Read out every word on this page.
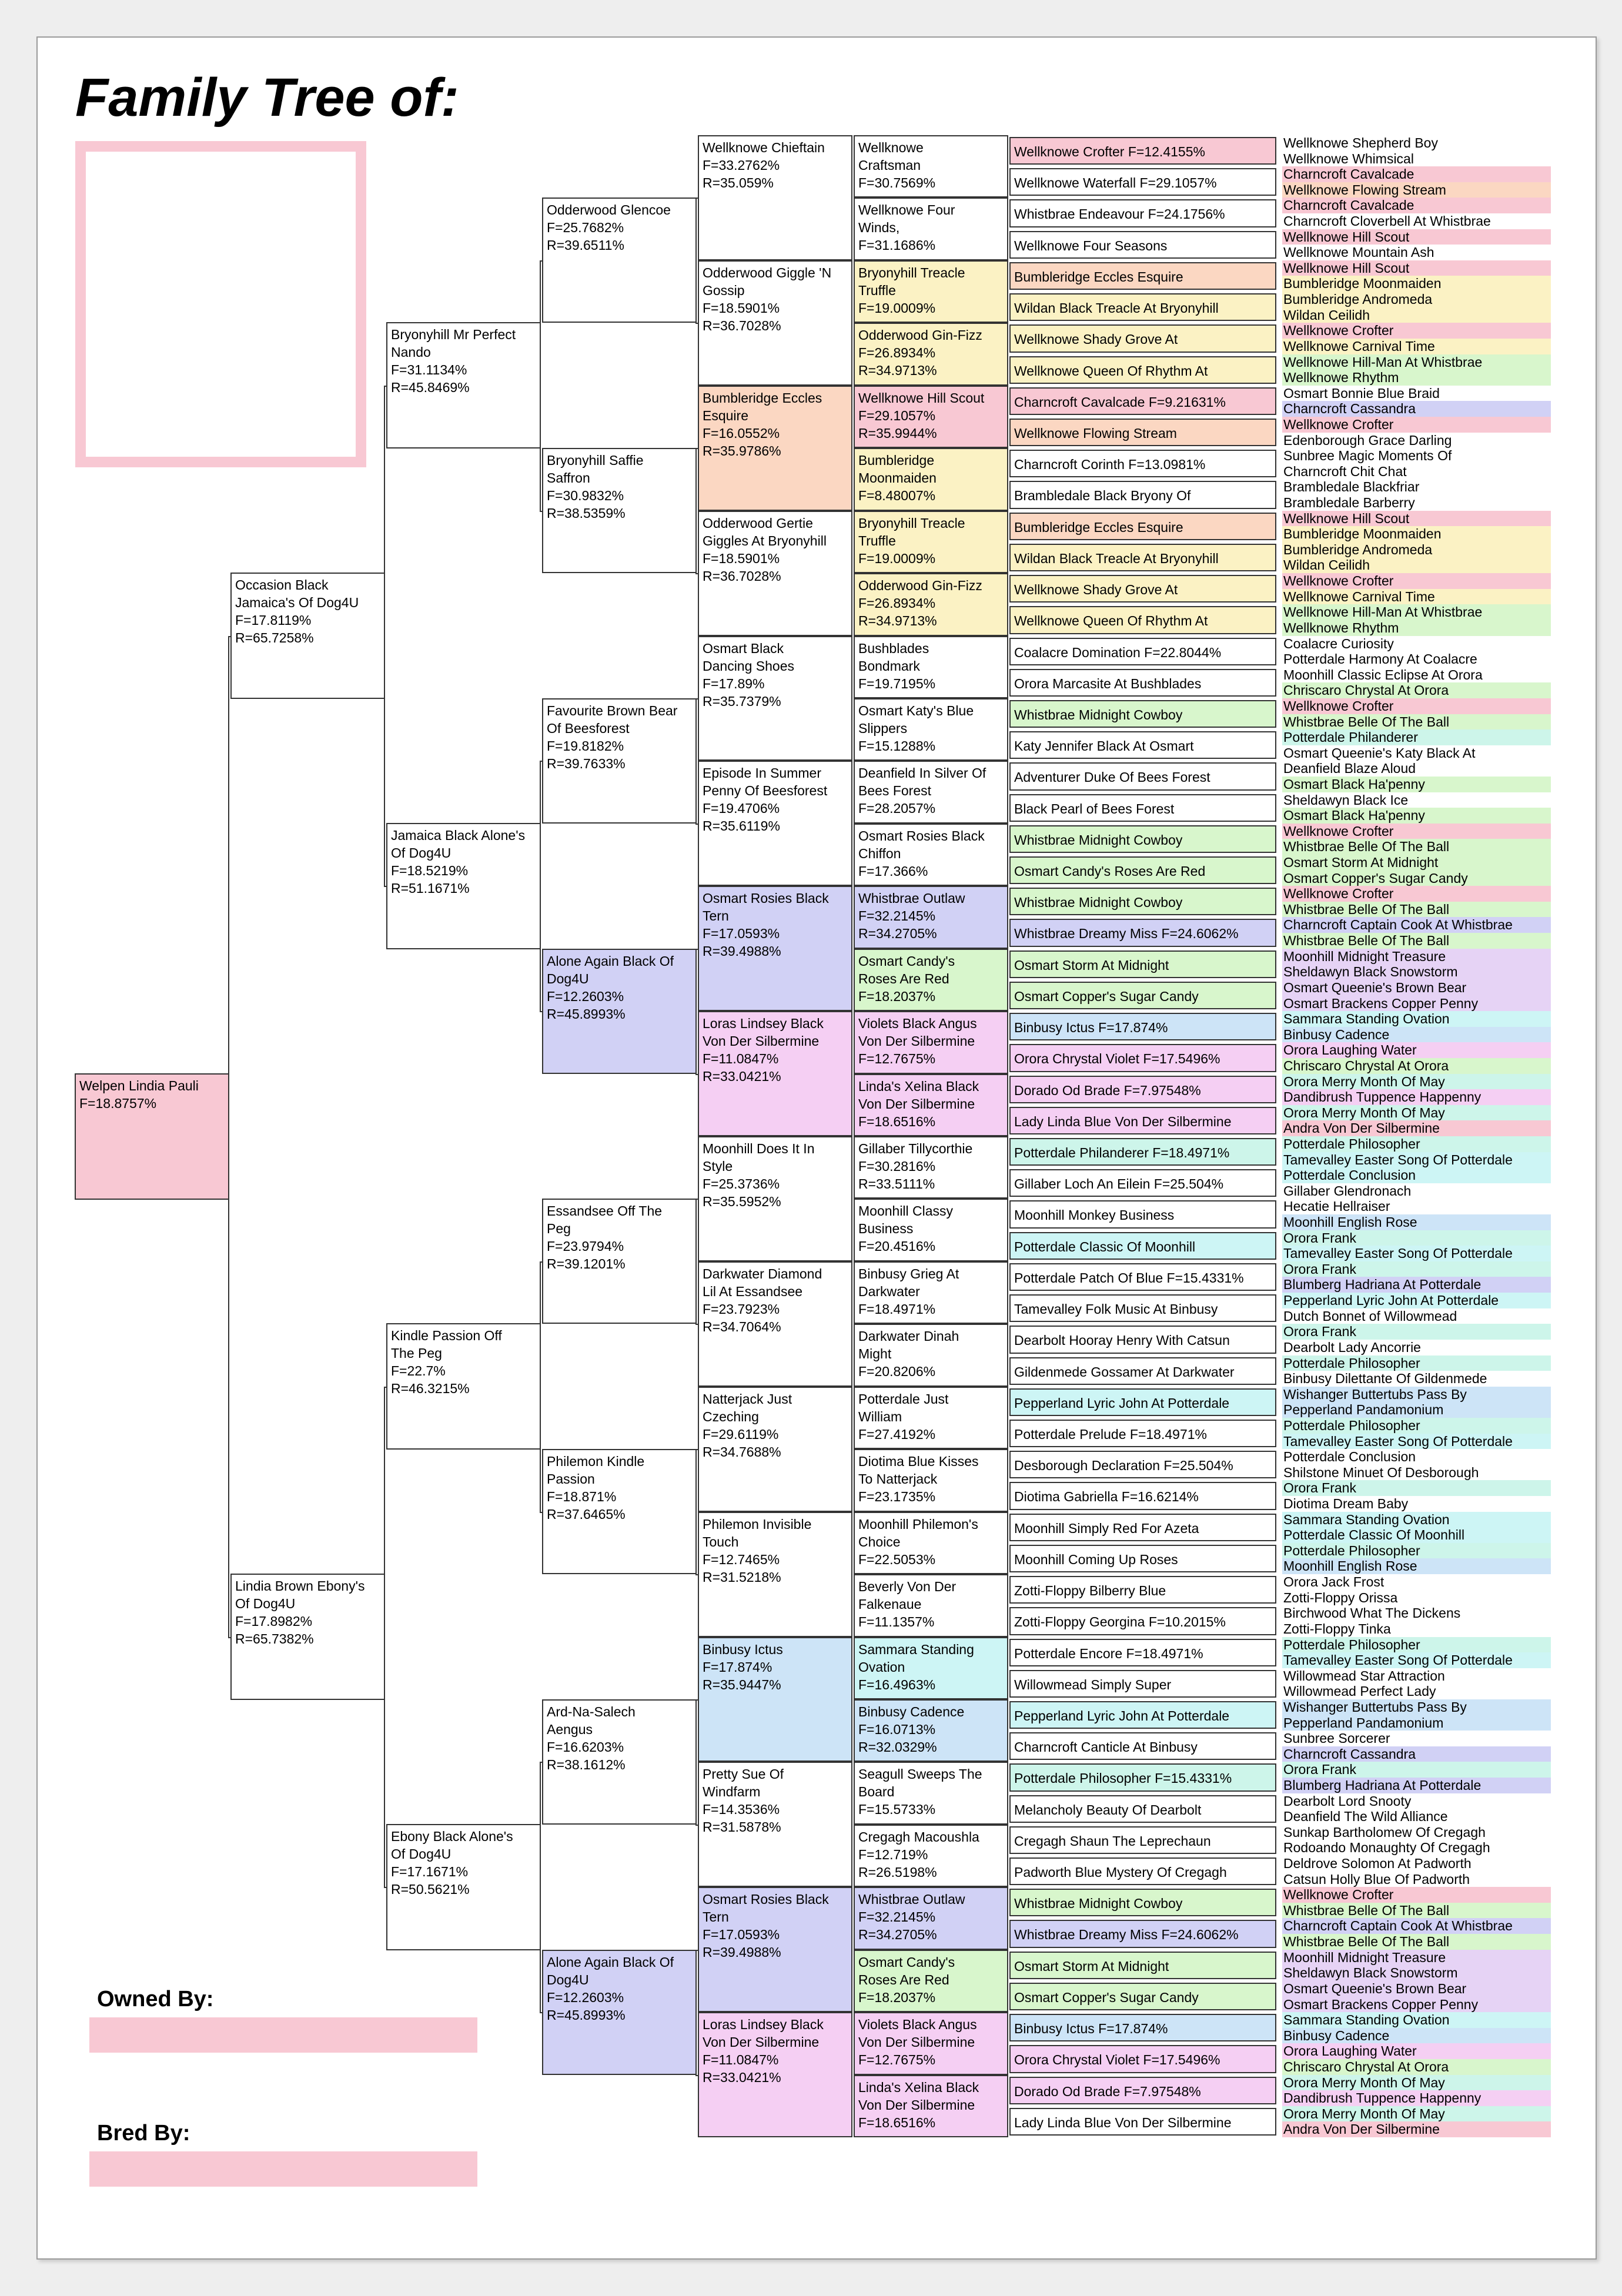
Family Tree of:
Owned By:
Bred By:
Welpen Lindia Pauli
F=18.8757%
Occasion Black
Jamaica's Of Dog4U
F=17.8119%
R=65.7258%
Lindia Brown Ebony's
Of Dog4U
F=17.8982%
R=65.7382%
Bryonyhill Mr Perfect
Nando
F=31.1134%
R=45.8469%
Jamaica Black Alone's
Of Dog4U
F=18.5219%
R=51.1671%
Kindle Passion Off
The Peg
F=22.7%
R=46.3215%
Ebony Black Alone's
Of Dog4U
F=17.1671%
R=50.5621%
Odderwood Glencoe
F=25.7682%
R=39.6511%
Bryonyhill Saffie
Saffron
F=30.9832%
R=38.5359%
Favourite Brown Bear
Of Beesforest
F=19.8182%
R=39.7633%
Alone Again Black Of
Dog4U
F=12.2603%
R=45.8993%
Essandsee Off The
Peg
F=23.9794%
R=39.1201%
Philemon Kindle
Passion
F=18.871%
R=37.6465%
Ard-Na-Salech
Aengus
F=16.6203%
R=38.1612%
Alone Again Black Of
Dog4U
F=12.2603%
R=45.8993%
Wellknowe Chieftain
F=33.2762%
R=35.059%
Odderwood Giggle 'N
Gossip
F=18.5901%
R=36.7028%
Bumbleridge Eccles
Esquire
F=16.0552%
R=35.9786%
Odderwood Gertie
Giggles At Bryonyhill
F=18.5901%
R=36.7028%
Osmart Black
Dancing Shoes
F=17.89%
R=35.7379%
Episode In Summer
Penny Of Beesforest
F=19.4706%
R=35.6119%
Osmart Rosies Black
Tern
F=17.0593%
R=39.4988%
Loras Lindsey Black
Von Der Silbermine
F=11.0847%
R=33.0421%
Moonhill Does It In
Style
F=25.3736%
R=35.5952%
Darkwater Diamond
Lil At Essandsee
F=23.7923%
R=34.7064%
Natterjack Just
Czeching
F=29.6119%
R=34.7688%
Philemon Invisible
Touch
F=12.7465%
R=31.5218%
Binbusy Ictus
F=17.874%
R=35.9447%
Pretty Sue Of
Windfarm
F=14.3536%
R=31.5878%
Osmart Rosies Black
Tern
F=17.0593%
R=39.4988%
Loras Lindsey Black
Von Der Silbermine
F=11.0847%
R=33.0421%
Wellknowe
Craftsman
F=30.7569%
Wellknowe Four
Winds,
F=31.1686%
Bryonyhill Treacle
Truffle
F=19.0009%
Odderwood Gin-Fizz
F=26.8934%
R=34.9713%
Wellknowe Hill Scout
F=29.1057%
R=35.9944%
Bumbleridge
Moonmaiden
F=8.48007%
Bryonyhill Treacle
Truffle
F=19.0009%
Odderwood Gin-Fizz
F=26.8934%
R=34.9713%
Bushblades
Bondmark
F=19.7195%
Osmart Katy's Blue
Slippers
F=15.1288%
Deanfield In Silver Of
Bees Forest
F=28.2057%
Osmart Rosies Black
Chiffon
F=17.366%
Whistbrae Outlaw
F=32.2145%
R=34.2705%
Osmart Candy's
Roses Are Red
F=18.2037%
Violets Black Angus
Von Der Silbermine
F=12.7675%
Linda's Xelina Black
Von Der Silbermine
F=18.6516%
Gillaber Tillycorthie
F=30.2816%
R=33.5111%
Moonhill Classy
Business
F=20.4516%
Binbusy Grieg At
Darkwater
F=18.4971%
Darkwater Dinah
Might
F=20.8206%
Potterdale Just
William
F=27.4192%
Diotima Blue Kisses
To Natterjack
F=23.1735%
Moonhill Philemon's
Choice
F=22.5053%
Beverly Von Der
Falkenaue
F=11.1357%
Sammara Standing
Ovation
F=16.4963%
Binbusy Cadence
F=16.0713%
R=32.0329%
Seagull Sweeps The
Board
F=15.5733%
Cregagh Macoushla
F=12.719%
R=26.5198%
Whistbrae Outlaw
F=32.2145%
R=34.2705%
Osmart Candy's
Roses Are Red
F=18.2037%
Violets Black Angus
Von Der Silbermine
F=12.7675%
Linda's Xelina Black
Von Der Silbermine
F=18.6516%
Wellknowe Crofter F=12.4155%
Wellknowe Waterfall F=29.1057%
Whistbrae Endeavour F=24.1756%
Wellknowe Four Seasons
Bumbleridge Eccles Esquire
Wildan Black Treacle At Bryonyhill
Wellknowe Shady Grove At
Wellknowe Queen Of Rhythm At
Charncroft Cavalcade F=9.21631%
Wellknowe Flowing Stream
Charncroft Corinth F=13.0981%
Brambledale Black Bryony Of
Bumbleridge Eccles Esquire
Wildan Black Treacle At Bryonyhill
Wellknowe Shady Grove At
Wellknowe Queen Of Rhythm At
Coalacre Domination F=22.8044%
Orora Marcasite At Bushblades
Whistbrae Midnight Cowboy
Katy Jennifer Black At Osmart
Adventurer Duke Of Bees Forest
Black Pearl of Bees Forest
Whistbrae Midnight Cowboy
Osmart Candy's Roses Are Red
Whistbrae Midnight Cowboy
Whistbrae Dreamy Miss F=24.6062%
Osmart Storm At Midnight
Osmart Copper's Sugar Candy
Binbusy Ictus F=17.874%
Orora Chrystal Violet F=17.5496%
Dorado Od Brade F=7.97548%
Lady Linda Blue Von Der Silbermine
Potterdale Philanderer F=18.4971%
Gillaber Loch An Eilein F=25.504%
Moonhill Monkey Business
Potterdale Classic Of Moonhill
Potterdale Patch Of Blue F=15.4331%
Tamevalley Folk Music At Binbusy
Dearbolt Hooray Henry With Catsun
Gildenmede Gossamer At Darkwater
Pepperland Lyric John At Potterdale
Potterdale Prelude F=18.4971%
Desborough Declaration F=25.504%
Diotima Gabriella F=16.6214%
Moonhill Simply Red For Azeta
Moonhill Coming Up Roses
Zotti-Floppy Bilberry Blue
Zotti-Floppy Georgina F=10.2015%
Potterdale Encore F=18.4971%
Willowmead Simply Super
Pepperland Lyric John At Potterdale
Charncroft Canticle At Binbusy
Potterdale Philosopher F=15.4331%
Melancholy Beauty Of Dearbolt
Cregagh Shaun The Leprechaun
Padworth Blue Mystery Of Cregagh
Whistbrae Midnight Cowboy
Whistbrae Dreamy Miss F=24.6062%
Osmart Storm At Midnight
Osmart Copper's Sugar Candy
Binbusy Ictus F=17.874%
Orora Chrystal Violet F=17.5496%
Dorado Od Brade F=7.97548%
Lady Linda Blue Von Der Silbermine
Wellknowe Shepherd Boy
Wellknowe Whimsical
Charncroft Cavalcade
Wellknowe Flowing Stream
Charncroft Cavalcade
Charncroft Cloverbell At Whistbrae
Wellknowe Hill Scout
Wellknowe Mountain Ash
Wellknowe Hill Scout
Bumbleridge Moonmaiden
Bumbleridge Andromeda
Wildan Ceilidh
Wellknowe Crofter
Wellknowe Carnival Time
Wellknowe Hill-Man At Whistbrae
Wellknowe Rhythm
Osmart Bonnie Blue Braid
Charncroft Cassandra
Wellknowe Crofter
Edenborough Grace Darling
Sunbree Magic Moments Of
Charncroft Chit Chat
Brambledale Blackfriar
Brambledale Barberry
Wellknowe Hill Scout
Bumbleridge Moonmaiden
Bumbleridge Andromeda
Wildan Ceilidh
Wellknowe Crofter
Wellknowe Carnival Time
Wellknowe Hill-Man At Whistbrae
Wellknowe Rhythm
Coalacre Curiosity
Potterdale Harmony At Coalacre
Moonhill Classic Eclipse At Orora
Chriscaro Chrystal At Orora
Wellknowe Crofter
Whistbrae Belle Of The Ball
Potterdale Philanderer
Osmart Queenie's Katy Black At
Deanfield Blaze Aloud
Osmart Black Ha'penny
Sheldawyn Black Ice
Osmart Black Ha'penny
Wellknowe Crofter
Whistbrae Belle Of The Ball
Osmart Storm At Midnight
Osmart Copper's Sugar Candy
Wellknowe Crofter
Whistbrae Belle Of The Ball
Charncroft Captain Cook At Whistbrae
Whistbrae Belle Of The Ball
Moonhill Midnight Treasure
Sheldawyn Black Snowstorm
Osmart Queenie's Brown Bear
Osmart Brackens Copper Penny
Sammara Standing Ovation
Binbusy Cadence
Orora Laughing Water
Chriscaro Chrystal At Orora
Orora Merry Month Of May
Dandibrush Tuppence Happenny
Orora Merry Month Of May
Andra Von Der Silbermine
Potterdale Philosopher
Tamevalley Easter Song Of Potterdale
Potterdale Conclusion
Gillaber Glendronach
Hecatie Hellraiser
Moonhill English Rose
Orora Frank
Tamevalley Easter Song Of Potterdale
Orora Frank
Blumberg Hadriana At Potterdale
Pepperland Lyric John At Potterdale
Dutch Bonnet of Willowmead
Orora Frank
Dearbolt Lady Ancorrie
Potterdale Philosopher
Binbusy Dilettante Of Gildenmede
Wishanger Buttertubs Pass By
Pepperland Pandamonium
Potterdale Philosopher
Tamevalley Easter Song Of Potterdale
Potterdale Conclusion
Shilstone Minuet Of Desborough
Orora Frank
Diotima Dream Baby
Sammara Standing Ovation
Potterdale Classic Of Moonhill
Potterdale Philosopher
Moonhill English Rose
Orora Jack Frost
Zotti-Floppy Orissa
Birchwood What The Dickens
Zotti-Floppy Tinka
Potterdale Philosopher
Tamevalley Easter Song Of Potterdale
Willowmead Star Attraction
Willowmead Perfect Lady
Wishanger Buttertubs Pass By
Pepperland Pandamonium
Sunbree Sorcerer
Charncroft Cassandra
Orora Frank
Blumberg Hadriana At Potterdale
Dearbolt Lord Snooty
Deanfield The Wild Alliance
Sunkap Bartholomew Of Cregagh
Rodoando Monaughty Of Cregagh
Deldrove Solomon At Padworth
Catsun Holly Blue Of Padworth
Wellknowe Crofter
Whistbrae Belle Of The Ball
Charncroft Captain Cook At Whistbrae
Whistbrae Belle Of The Ball
Moonhill Midnight Treasure
Sheldawyn Black Snowstorm
Osmart Queenie's Brown Bear
Osmart Brackens Copper Penny
Sammara Standing Ovation
Binbusy Cadence
Orora Laughing Water
Chriscaro Chrystal At Orora
Orora Merry Month Of May
Dandibrush Tuppence Happenny
Orora Merry Month Of May
Andra Von Der Silbermine
